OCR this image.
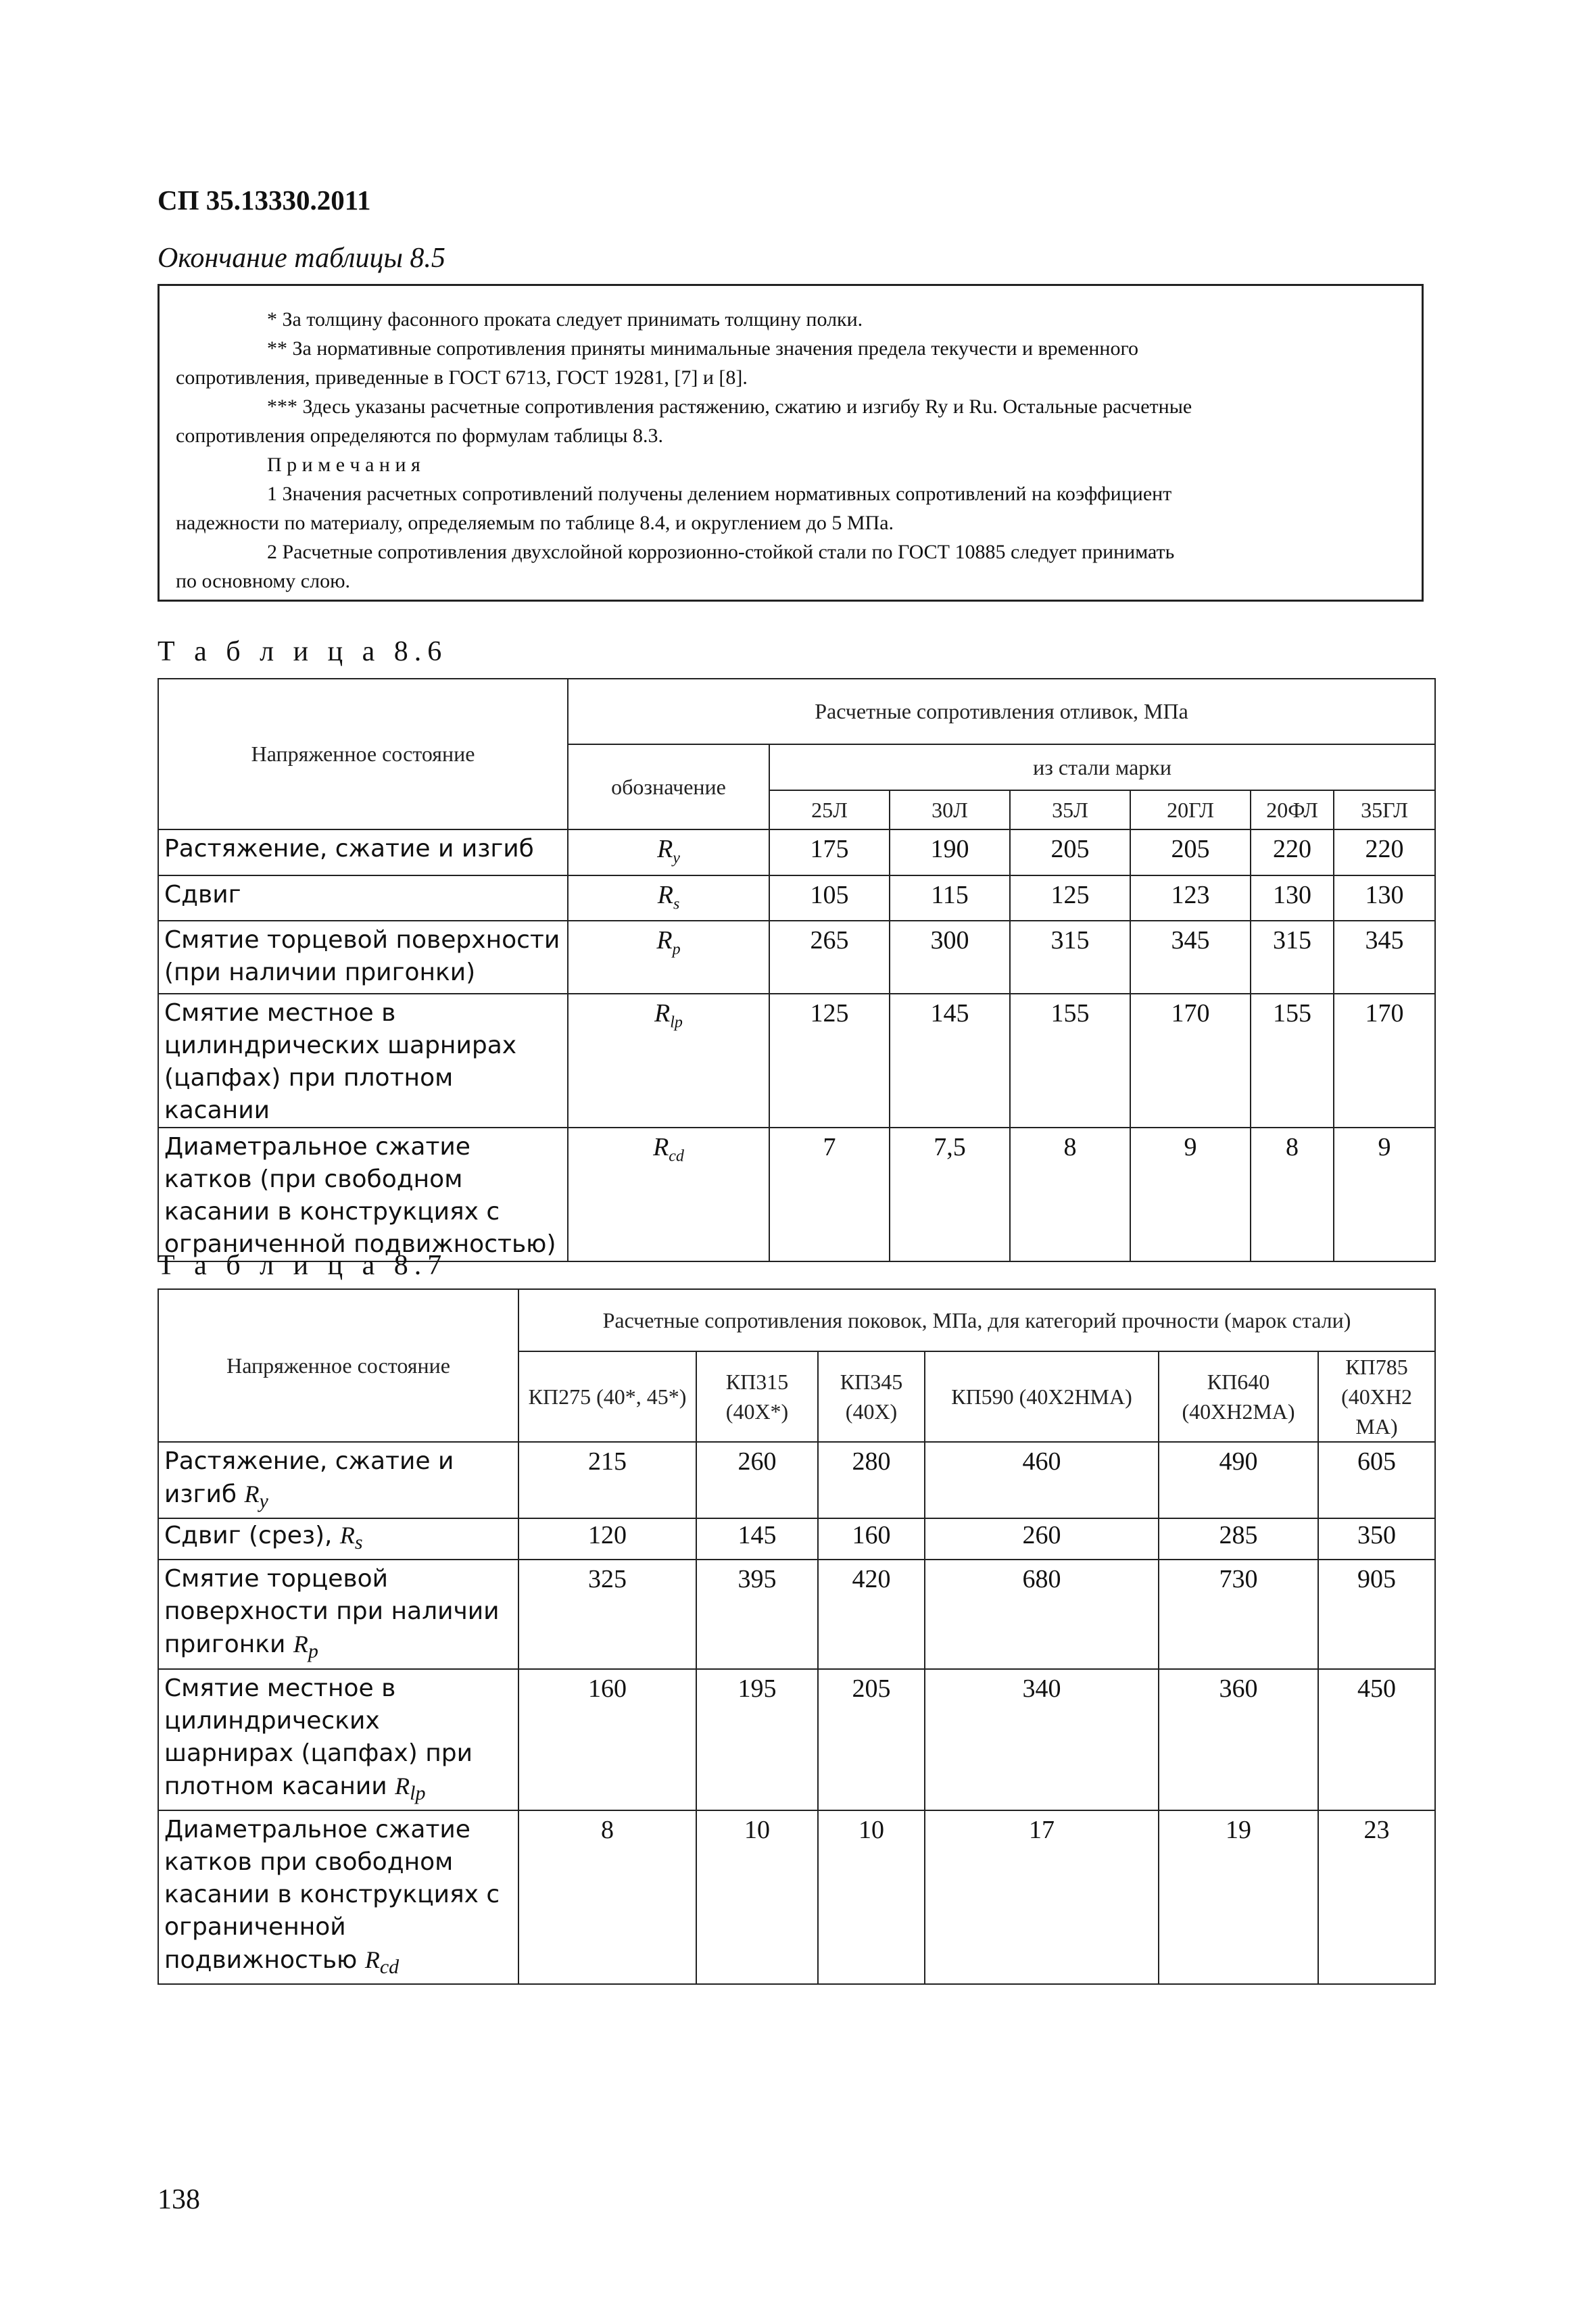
СП 35.13330.2011
Окончание таблицы 8.5

* За толщину фасонного проката следует принимать толщину полки.

** За нормативные сопротивления приняты минимальные значения предела текучести и временного

сопротивления, приведенные в ГОСТ 6713, ГОСТ 19281, [7] и [8].

*** Здесь указаны расчетные сопротивления растяжению, сжатию и изгибу Ry и Ru. Остальные расчетные

сопротивления определяются по формулам таблицы 8.3.

П р и м е ч а н и я

1 Значения расчетных сопротивлений получены делением нормативных сопротивлений на коэффициент

надежности по материалу, определяемым по таблице 8.4, и округлением до 5 МПа.

2 Расчетные сопротивления двухслойной коррозионно-стойкой стали по ГОСТ 10885 следует принимать

по основному слою.

Т а б л и ц а 8.6
Напряженное состояние	Расчетные сопротивления отливок, МПа						
	обозначение	из стали марки					
		25Л	30Л	35Л	20ГЛ	20ФЛ	35ГЛ
Растяжение, сжатие и изгиб	$R_y$	175	190	205	205	220	220
Сдвиг	$R_s$	105	115	125	123	130	130
Смятие торцевой поверхности (при наличии пригонки)	$R_p$	265	300	315	345	315	345
Смятие местное в цилиндрических шарнирах (цапфах) при плотном касании	$R_{lp}$	125	145	155	170	155	170
Диаметральное сжатие катков (при свободном касании в конструкциях с ограниченной подвижностью)	$R_{cd}$	7	7,5	8	9	8	9
Т а б л и ц а 8.7
Напряженное состояние	Расчетные сопротивления поковок, МПа, для категорий прочности (марок стали)					
	КП275 (40*, 45*)	КП315 (40Х*)	КП345 (40Х)	КП590 (40Х2НМА)	КП640 (40ХН2МА)	КП785 (40ХН2 МА)
Растяжение, сжатие и изгиб $R_y$	215	260	280	460	490	605
Сдвиг (срез), $R_s$	120	145	160	260	285	350
Смятие торцевой поверхности при наличии пригонки $R_p$	325	395	420	680	730	905
Смятие местное в цилиндрических шарнирах (цапфах) при плотном касании $R_{lp}$	160	195	205	340	360	450
Диаметральное сжатие катков при свободном касании в конструкциях с ограниченной подвижностью $R_{cd}$	8	10	10	17	19	23
138
